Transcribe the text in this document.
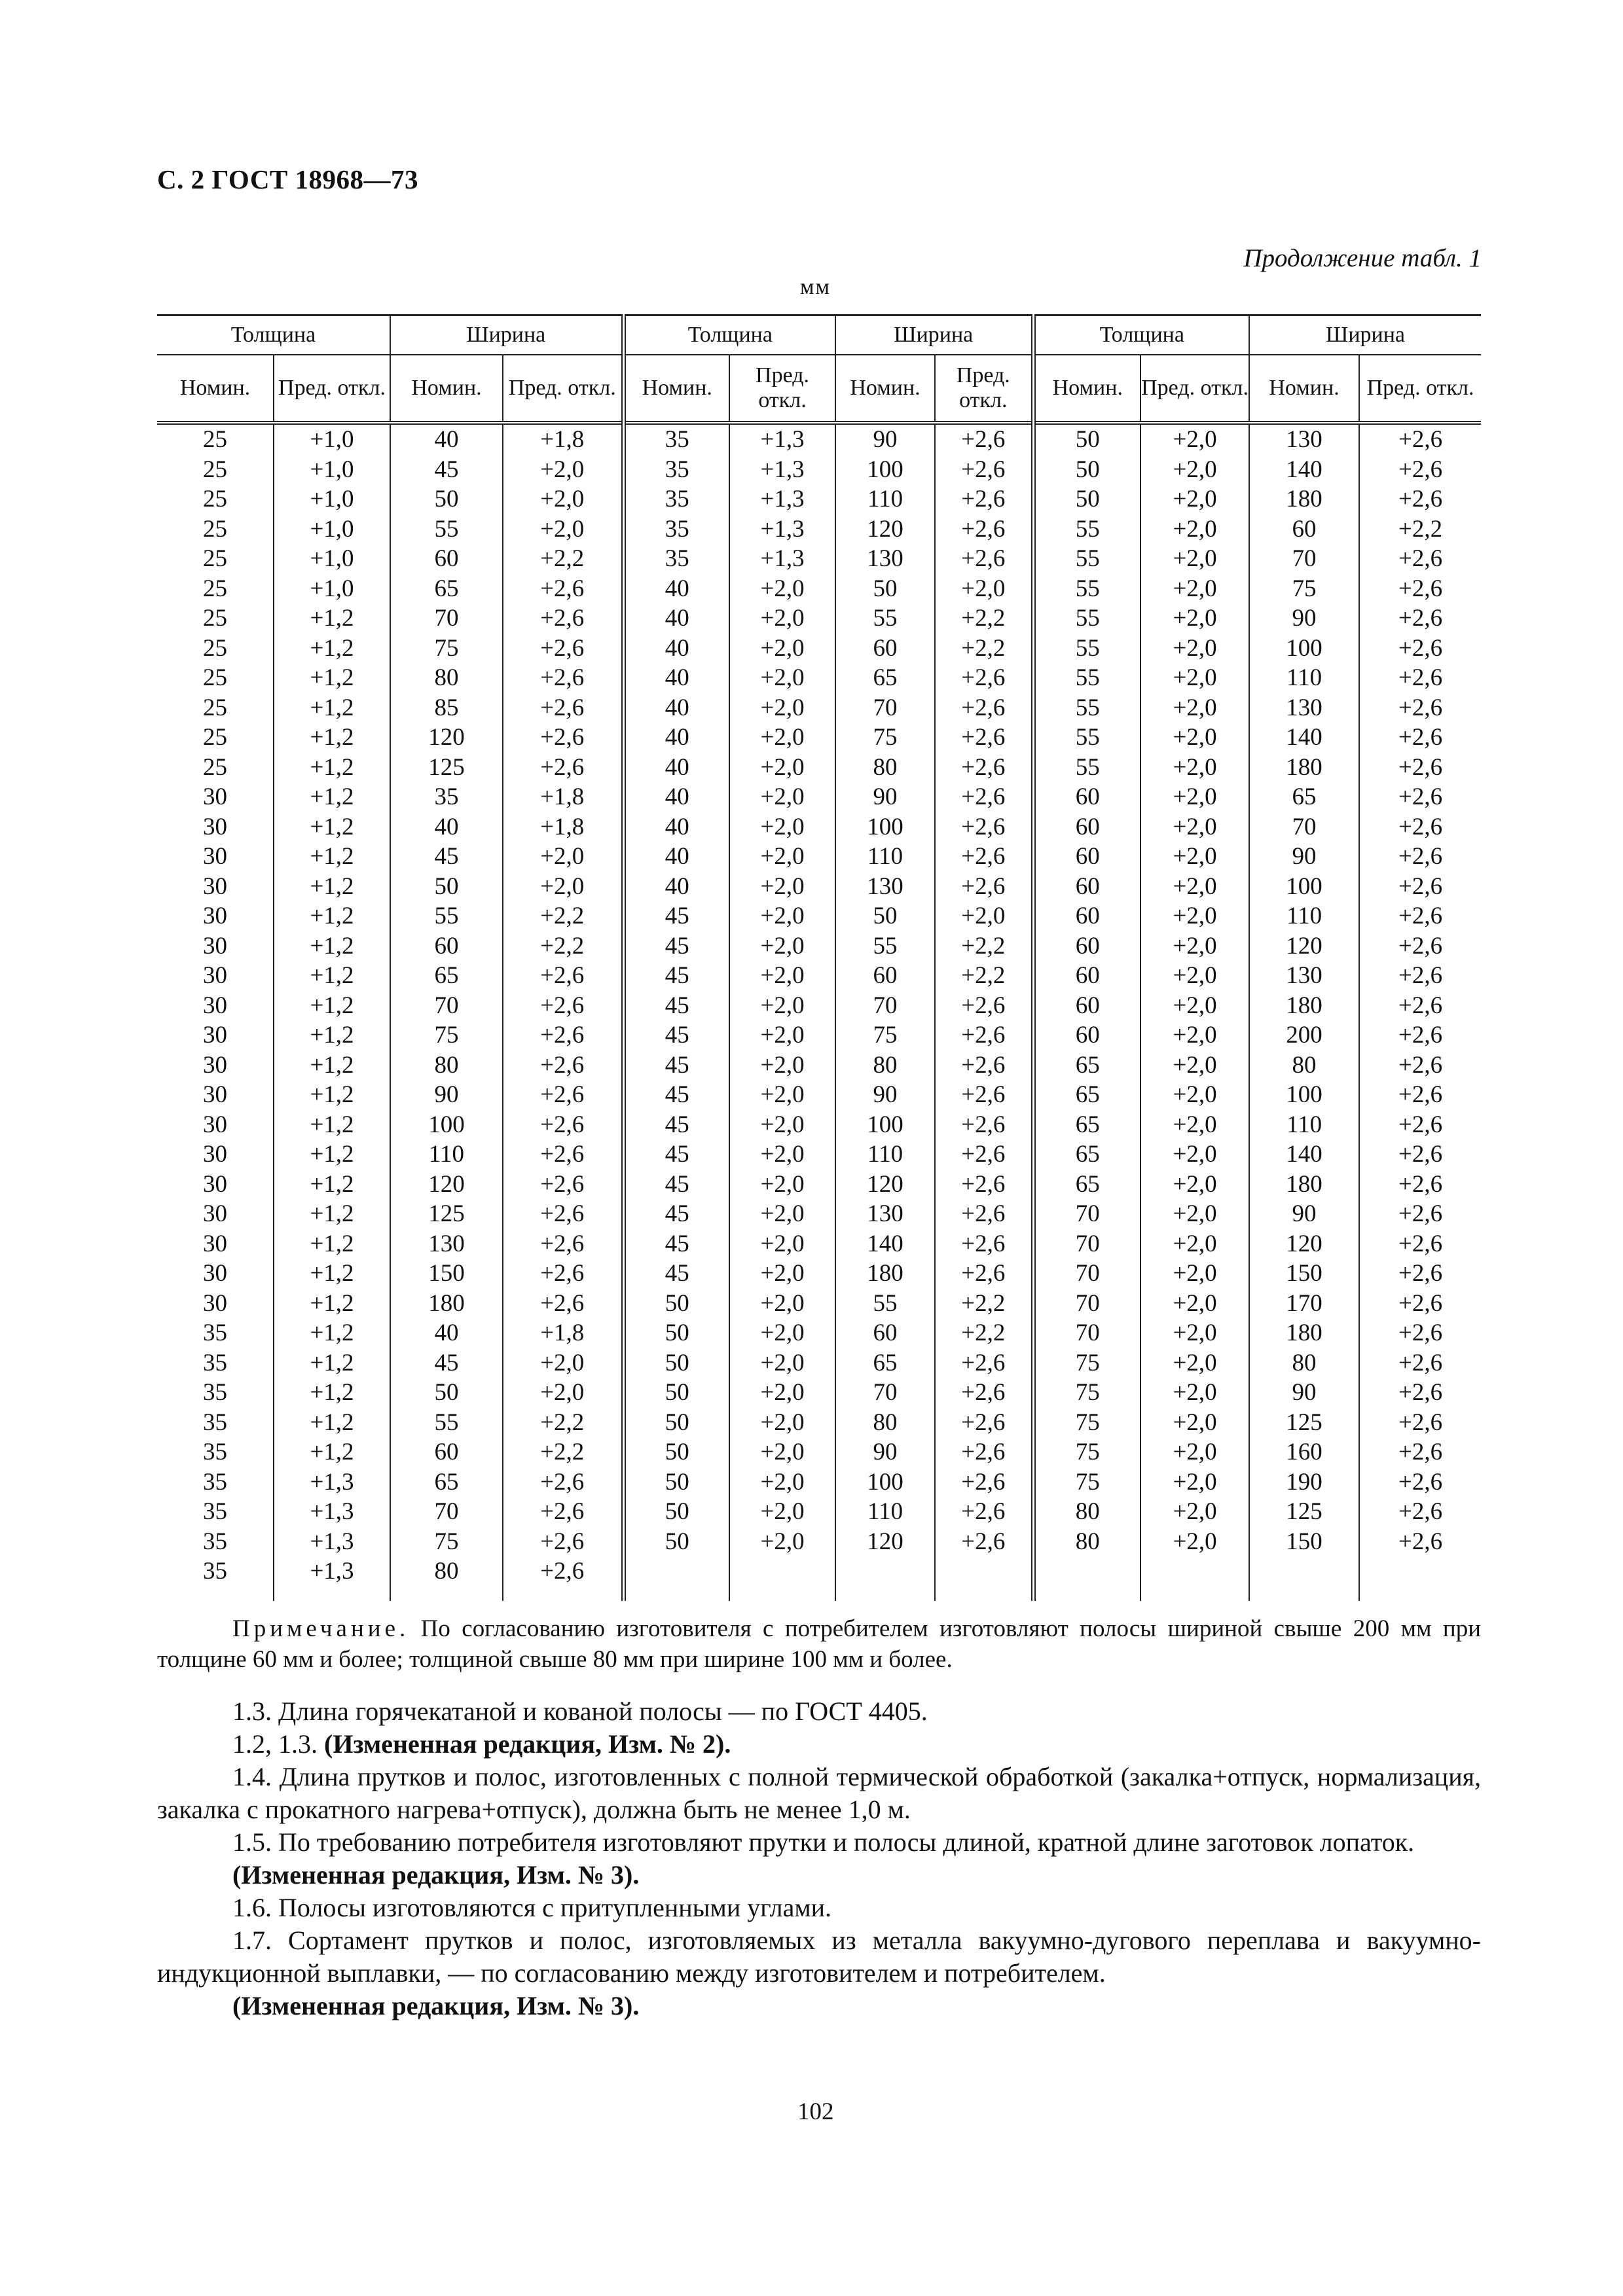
С. 2 ГОСТ 18968—73
Продолжение табл. 1
мм
Толщина		Ширина		Толщина		Ширина		Толщина		Ширина	
Номин.	Пред. откл.	Номин.	Пред. откл.	Номин.	Пред. откл.	Номин.	Пред. откл.	Номин.	Пред. откл.	Номин.	Пред. откл.
25	+1,0	40	+1,8	35	+1,3	90	+2,6	50	+2,0	130	+2,6
25	+1,0	45	+2,0	35	+1,3	100	+2,6	50	+2,0	140	+2,6
25	+1,0	50	+2,0	35	+1,3	110	+2,6	50	+2,0	180	+2,6
25	+1,0	55	+2,0	35	+1,3	120	+2,6	55	+2,0	60	+2,2
25	+1,0	60	+2,2	35	+1,3	130	+2,6	55	+2,0	70	+2,6
25	+1,0	65	+2,6	40	+2,0	50	+2,0	55	+2,0	75	+2,6
25	+1,2	70	+2,6	40	+2,0	55	+2,2	55	+2,0	90	+2,6
25	+1,2	75	+2,6	40	+2,0	60	+2,2	55	+2,0	100	+2,6
25	+1,2	80	+2,6	40	+2,0	65	+2,6	55	+2,0	110	+2,6
25	+1,2	85	+2,6	40	+2,0	70	+2,6	55	+2,0	130	+2,6
25	+1,2	120	+2,6	40	+2,0	75	+2,6	55	+2,0	140	+2,6
25	+1,2	125	+2,6	40	+2,0	80	+2,6	55	+2,0	180	+2,6
30	+1,2	35	+1,8	40	+2,0	90	+2,6	60	+2,0	65	+2,6
30	+1,2	40	+1,8	40	+2,0	100	+2,6	60	+2,0	70	+2,6
30	+1,2	45	+2,0	40	+2,0	110	+2,6	60	+2,0	90	+2,6
30	+1,2	50	+2,0	40	+2,0	130	+2,6	60	+2,0	100	+2,6
30	+1,2	55	+2,2	45	+2,0	50	+2,0	60	+2,0	110	+2,6
30	+1,2	60	+2,2	45	+2,0	55	+2,2	60	+2,0	120	+2,6
30	+1,2	65	+2,6	45	+2,0	60	+2,2	60	+2,0	130	+2,6
30	+1,2	70	+2,6	45	+2,0	70	+2,6	60	+2,0	180	+2,6
30	+1,2	75	+2,6	45	+2,0	75	+2,6	60	+2,0	200	+2,6
30	+1,2	80	+2,6	45	+2,0	80	+2,6	65	+2,0	80	+2,6
30	+1,2	90	+2,6	45	+2,0	90	+2,6	65	+2,0	100	+2,6
30	+1,2	100	+2,6	45	+2,0	100	+2,6	65	+2,0	110	+2,6
30	+1,2	110	+2,6	45	+2,0	110	+2,6	65	+2,0	140	+2,6
30	+1,2	120	+2,6	45	+2,0	120	+2,6	65	+2,0	180	+2,6
30	+1,2	125	+2,6	45	+2,0	130	+2,6	70	+2,0	90	+2,6
30	+1,2	130	+2,6	45	+2,0	140	+2,6	70	+2,0	120	+2,6
30	+1,2	150	+2,6	45	+2,0	180	+2,6	70	+2,0	150	+2,6
30	+1,2	180	+2,6	50	+2,0	55	+2,2	70	+2,0	170	+2,6
35	+1,2	40	+1,8	50	+2,0	60	+2,2	70	+2,0	180	+2,6
35	+1,2	45	+2,0	50	+2,0	65	+2,6	75	+2,0	80	+2,6
35	+1,2	50	+2,0	50	+2,0	70	+2,6	75	+2,0	90	+2,6
35	+1,2	55	+2,2	50	+2,0	80	+2,6	75	+2,0	125	+2,6
35	+1,2	60	+2,2	50	+2,0	90	+2,6	75	+2,0	160	+2,6
35	+1,3	65	+2,6	50	+2,0	100	+2,6	75	+2,0	190	+2,6
35	+1,3	70	+2,6	50	+2,0	110	+2,6	80	+2,0	125	+2,6
35	+1,3	75	+2,6	50	+2,0	120	+2,6	80	+2,0	150	+2,6
35	+1,3	80	+2,6								

Примечание. По согласованию изготовителя с потребителем изготовляют полосы шириной свыше 200 мм при толщине 60 мм и более; толщиной свыше 80 мм при ширине 100 мм и более.

1.3. Длина горячекатаной и кованой полосы — по ГОСТ 4405.

1.2, 1.3. (Измененная редакция, Изм. № 2).

1.4. Длина прутков и полос, изготовленных с полной термической обработкой (закалка+отпуск, нормализация, закалка с прокатного нагрева+отпуск), должна быть не менее 1,0 м.

1.5. По требованию потребителя изготовляют прутки и полосы длиной, кратной длине заготовок лопаток.

(Измененная редакция, Изм. № 3).

1.6. Полосы изготовляются с притупленными углами.

1.7. Сортамент прутков и полос, изготовляемых из металла вакуумно-дугового переплава и вакуумно-индукционной выплавки, — по согласованию между изготовителем и потребителем.

(Измененная редакция, Изм. № 3).

102
